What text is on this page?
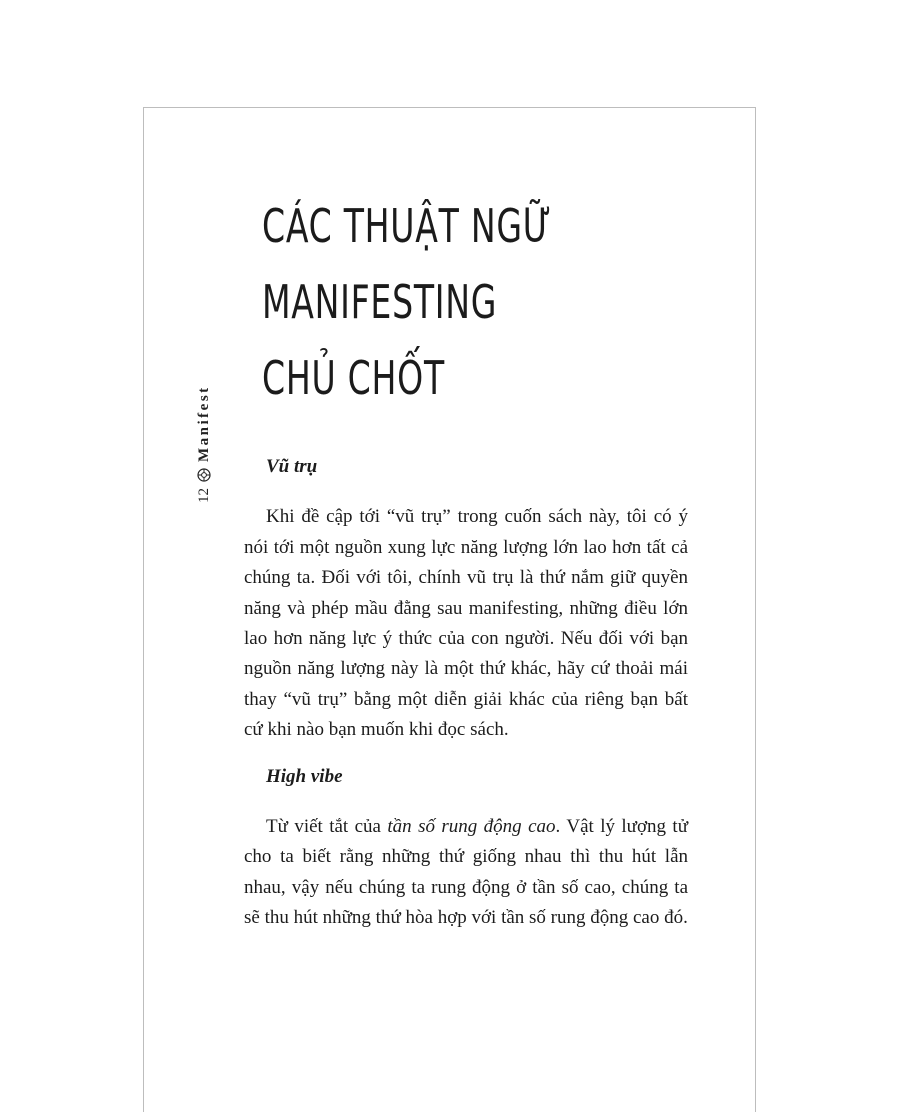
CÁC THUẬT NGỮ
MANIFESTING
CHỦ CHỐT
12
Manifest

Vũ trụ

Khi đề cập tới “vũ trụ” trong cuốn sách này, tôi có ý nói tới một nguồn xung lực năng lượng lớn lao hơn tất cả chúng ta. Đối với tôi, chính vũ trụ là thứ nắm giữ quyền năng và phép mầu đằng sau manifesting, những điều lớn lao hơn năng lực ý thức của con người. Nếu đối với bạn nguồn năng lượng này là một thứ khác, hãy cứ thoải mái thay “vũ trụ” bằng một diễn giải khác của riêng bạn bất cứ khi nào bạn muốn khi đọc sách.

High vibe

Từ viết tắt của tần số rung động cao. Vật lý lượng tử cho ta biết rằng những thứ giống nhau thì thu hút lẫn nhau, vậy nếu chúng ta rung động ở tần số cao, chúng ta sẽ thu hút những thứ hòa hợp với tần số rung động cao đó.
